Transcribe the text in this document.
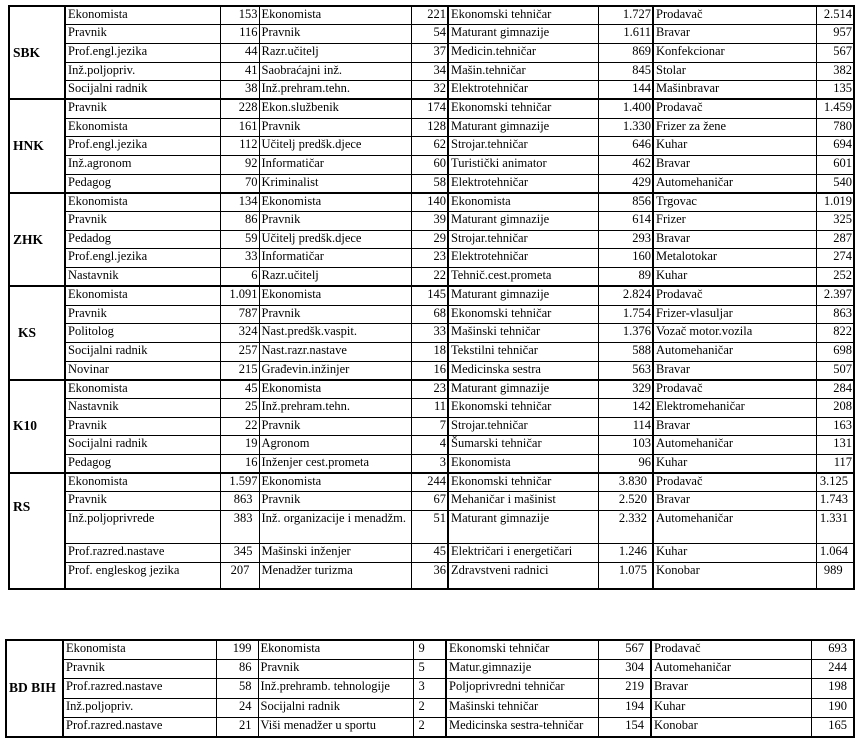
SBK	Ekonomista	153	Ekonomista	221	Ekonomski tehničar	1.727	Prodavač	2.514
	Pravnik	116	Pravnik	54	Maturant gimnazije	1.611	Bravar	957
	Prof.engl.jezika	44	Razr.učitelj	37	Medicin.tehničar	869	Konfekcionar	567
	Inž.poljopriv.	41	Saobraćajni inž.	34	Mašin.tehničar	845	Stolar	382
	Socijalni radnik	38	Inž.prehram.tehn.	32	Elektrotehničar	144	Mašinbravar	135
HNK	Pravnik	228	Ekon.službenik	174	Ekonomski tehničar	1.400	Prodavač	1.459
	Ekonomista	161	Pravnik	128	Maturant gimnazije	1.330	Frizer za žene	780
	Prof.engl.jezika	112	Učitelj predšk.djece	62	Strojar.tehničar	646	Kuhar	694
	Inž.agronom	92	Informatičar	60	Turistički animator	462	Bravar	601
	Pedagog	70	Kriminalist	58	Elektrotehničar	429	Automehaničar	540
ZHK	Ekonomista	134	Ekonomista	140	Ekonomista	856	Trgovac	1.019
	Pravnik	86	Pravnik	39	Maturant gimnazije	614	Frizer	325
	Pedadog	59	Učitelj predšk.djece	29	Strojar.tehničar	293	Bravar	287
	Prof.engl.jezika	33	Informatičar	23	Elektrotehničar	160	Metalotokar	274
	Nastavnik	6	Razr.učitelj	22	Tehnič.cest.prometa	89	Kuhar	252
KS	Ekonomista	1.091	Ekonomista	145	Maturant gimnazije	2.824	Prodavač	2.397
	Pravnik	787	Pravnik	68	Ekonomski tehničar	1.754	Frizer-vlasuljar	863
	Politolog	324	Nast.predšk.vaspit.	33	Mašinski tehničar	1.376	Vozač motor.vozila	822
	Socijalni radnik	257	Nast.razr.nastave	18	Tekstilni tehničar	588	Automehaničar	698
	Novinar	215	Građevin.inžinjer	16	Medicinska sestra	563	Bravar	507
K10	Ekonomista	45	Ekonomista	23	Maturant gimnazije	329	Prodavač	284
	Nastavnik	25	Inž.prehram.tehn.	11	Ekonomski tehničar	142	Elektromehaničar	208
	Pravnik	22	Pravnik	7	Strojar.tehničar	114	Bravar	163
	Socijalni radnik	19	Agronom	4	Šumarski tehničar	103	Automehaničar	131
	Pedagog	16	Inženjer cest.prometa	3	Ekonomista	96	Kuhar	117
RS	Ekonomista	1.597	Ekonomista	244	Ekonomski tehničar	3.830	Prodavač	3.125
	Pravnik	863	Pravnik	67	Mehaničar i mašinist	2.520	Bravar	1.743
	Inž.poljoprivrede	383	Inž. organizacije i menadžm.	51	Maturant gimnazije	2.332	Automehaničar	1.331
	Prof.razred.nastave	345	Mašinski inženjer	45	Električari i energetičari	1.246	Kuhar	1.064
	Prof. engleskog jezika	207	Menadžer turizma	36	Zdravstveni radnici	1.075	Konobar	989
BD BIH	Ekonomista	199	Ekonomista	9	Ekonomski tehničar	567	Prodavač	693
	Pravnik	86	Pravnik	5	Matur.gimnazije	304	Automehaničar	244
	Prof.razred.nastave	58	Inž.prehramb. tehnologije	3	Poljoprivredni tehničar	219	Bravar	198
	Inž.poljopriv.	24	Socijalni radnik	2	Mašinski tehničar	194	Kuhar	190
	Prof.razred.nastave	21	Viši menadžer u sportu	2	Medicinska sestra-tehničar	154	Konobar	165
